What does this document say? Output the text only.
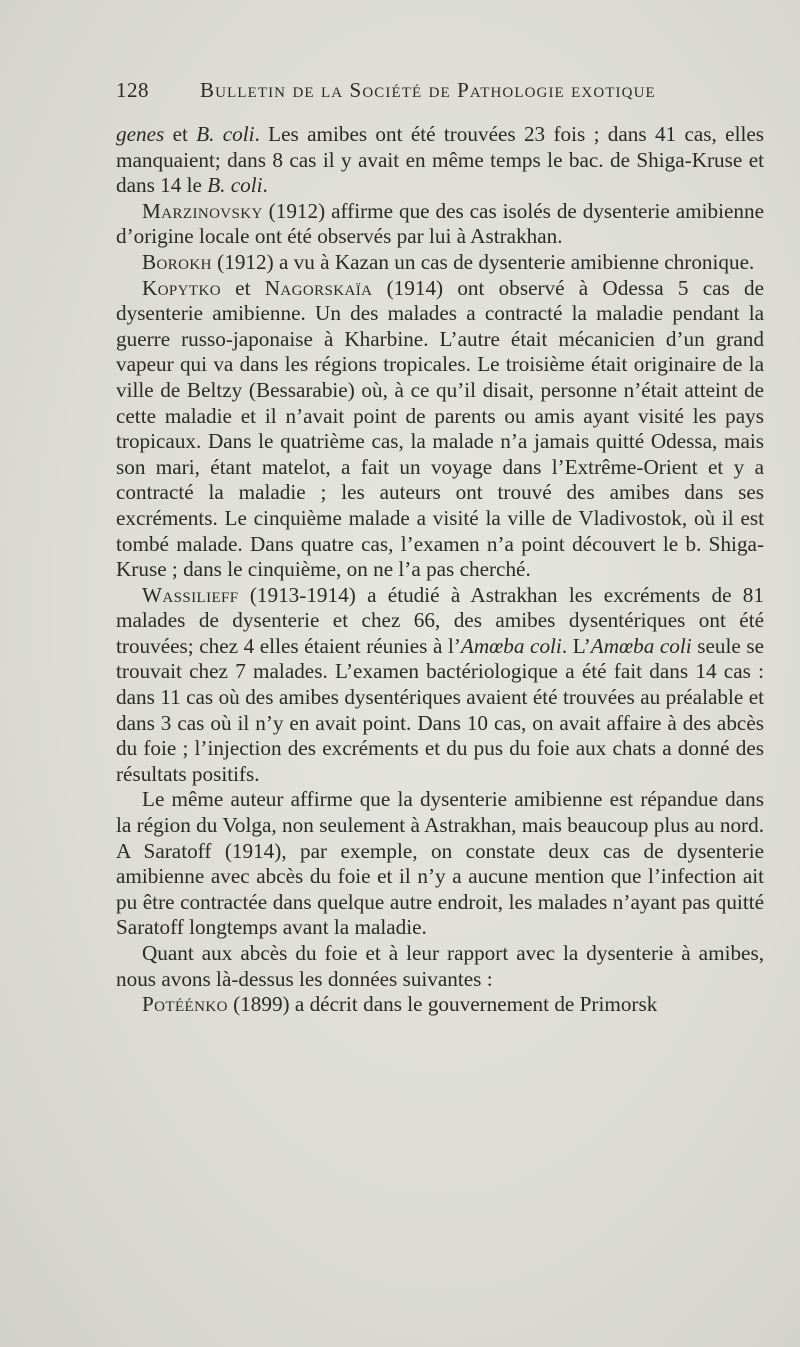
128	Bulletin de la Société de Pathologie exotique

genes et B. coli. Les amibes ont été trouvées 23 fois ; dans 41 cas, elles manquaient; dans 8 cas il y avait en même temps le bac. de Shiga-Kruse et dans 14 le B. coli.

Marzinovsky (1912) affirme que des cas isolés de dysenterie amibienne d’origine locale ont été observés par lui à Astrakhan.

Borokh (1912) a vu à Kazan un cas de dysenterie amibienne chronique.

Kopytko et Nagorskaïa (1914) ont observé à Odessa 5 cas de dysenterie amibienne. Un des malades a contracté la maladie pendant la guerre russo-japonaise à Kharbine. L’autre était mécanicien d’un grand vapeur qui va dans les régions tropicales. Le troisième était originaire de la ville de Beltzy (Bessarabie) où, à ce qu’il disait, personne n’était atteint de cette maladie et il n’avait point de parents ou amis ayant visité les pays tropicaux. Dans le quatrième cas, la malade n’a jamais quitté Odessa, mais son mari, étant matelot, a fait un voyage dans l’Extrême-Orient et y a contracté la maladie ; les auteurs ont trouvé des amibes dans ses excréments. Le cinquième malade a visité la ville de Vladivostok, où il est tombé malade. Dans quatre cas, l’examen n’a point découvert le b. Shiga-Kruse ; dans le cinquième, on ne l’a pas cherché.

Wassilieff (1913-1914) a étudié à Astrakhan les excréments de 81 malades de dysenterie et chez 66, des amibes dysentériques ont été trouvées; chez 4 elles étaient réunies à l’Amœba coli. L’Amœba coli seule se trouvait chez 7 malades. L’examen bactériologique a été fait dans 14 cas : dans 11 cas où des amibes dysentériques avaient été trouvées au préalable et dans 3 cas où il n’y en avait point. Dans 10 cas, on avait affaire à des abcès du foie ; l’injection des excréments et du pus du foie aux chats a donné des résultats positifs.

Le même auteur affirme que la dysenterie amibienne est répandue dans la région du Volga, non seulement à Astrakhan, mais beaucoup plus au nord. A Saratoff (1914), par exemple, on constate deux cas de dysenterie amibienne avec abcès du foie et il n’y a aucune mention que l’infection ait pu être contractée dans quelque autre endroit, les malades n’ayant pas quitté Saratoff longtemps avant la maladie.

Quant aux abcès du foie et à leur rapport avec la dysenterie à amibes, nous avons là-dessus les données suivantes :

Potéénko (1899) a décrit dans le gouvernement de Primorsk
